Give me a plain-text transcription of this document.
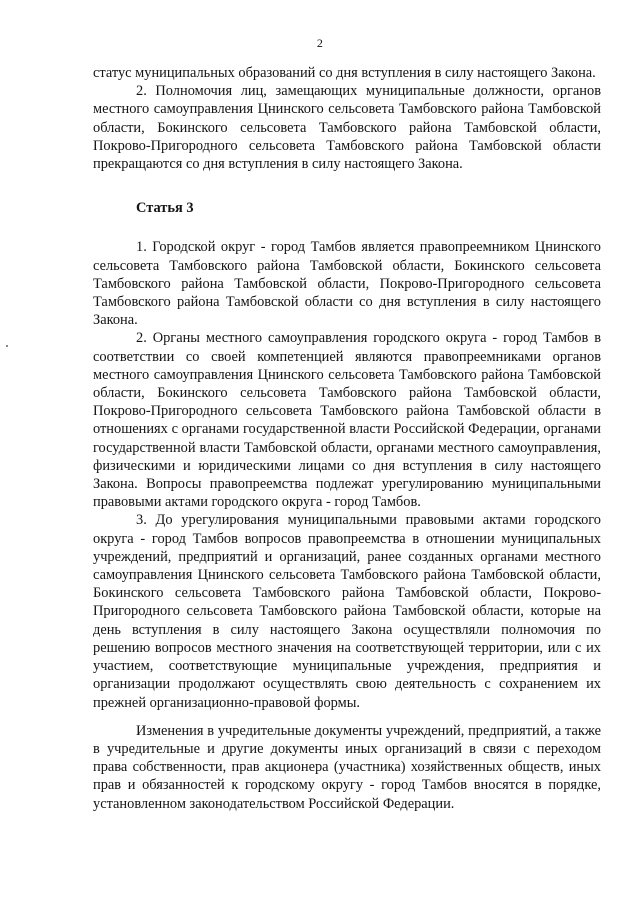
2

статус муниципальных образований со дня вступления в силу настоящего Закона.

2. Полномочия лиц, замещающих муниципальные должности, органов местного самоуправления Цнинского сельсовета Тамбовского района Тамбовской области, Бокинского сельсовета Тамбовского района Тамбовской области, Покрово-Пригородного сельсовета Тамбовского района Тамбовской области прекращаются со дня вступления в силу настоящего Закона.

Статья 3

1. Городской округ - город Тамбов является правопреемником Цнинского сельсовета Тамбовского района Тамбовской области, Бокинского сельсовета Тамбовского района Тамбовской области, Покрово-Пригородного сельсовета Тамбовского района Тамбовской области со дня вступления в силу настоящего Закона.

2. Органы местного самоуправления городского округа - город Тамбов в соответствии со своей компетенцией являются правопреемниками органов местного самоуправления Цнинского сельсовета Тамбовского района Тамбовской области, Бокинского сельсовета Тамбовского района Тамбовской области, Покрово-Пригородного сельсовета Тамбовского района Тамбовской области в отношениях с органами государственной власти Российской Федерации, органами государственной власти Тамбовской области, органами местного самоуправления, физическими и юридическими лицами со дня вступления в силу настоящего Закона. Вопросы правопреемства подлежат урегулированию муниципальными правовыми актами городского округа - город Тамбов.

3. До урегулирования муниципальными правовыми актами городского округа - город Тамбов вопросов правопреемства в отношении муниципальных учреждений, предприятий и организаций, ранее созданных органами местного самоуправления Цнинского сельсовета Тамбовского района Тамбовской области, Бокинского сельсовета Тамбовского района Тамбовской области, Покрово-Пригородного сельсовета Тамбовского района Тамбовской области, которые на день вступления в силу настоящего Закона осуществляли полномочия по решению вопросов местного значения на соответствующей территории, или с их участием, соответствующие муниципальные учреждения, предприятия и организации продолжают осуществлять свою деятельность с сохранением их прежней организационно-правовой формы.

Изменения в учредительные документы учреждений, предприятий, а также в учредительные и другие документы иных организаций в связи с переходом права собственности, прав акционера (участника) хозяйственных обществ, иных прав и обязанностей к городскому округу - город Тамбов вносятся в порядке, установленном законодательством Российской Федерации.
